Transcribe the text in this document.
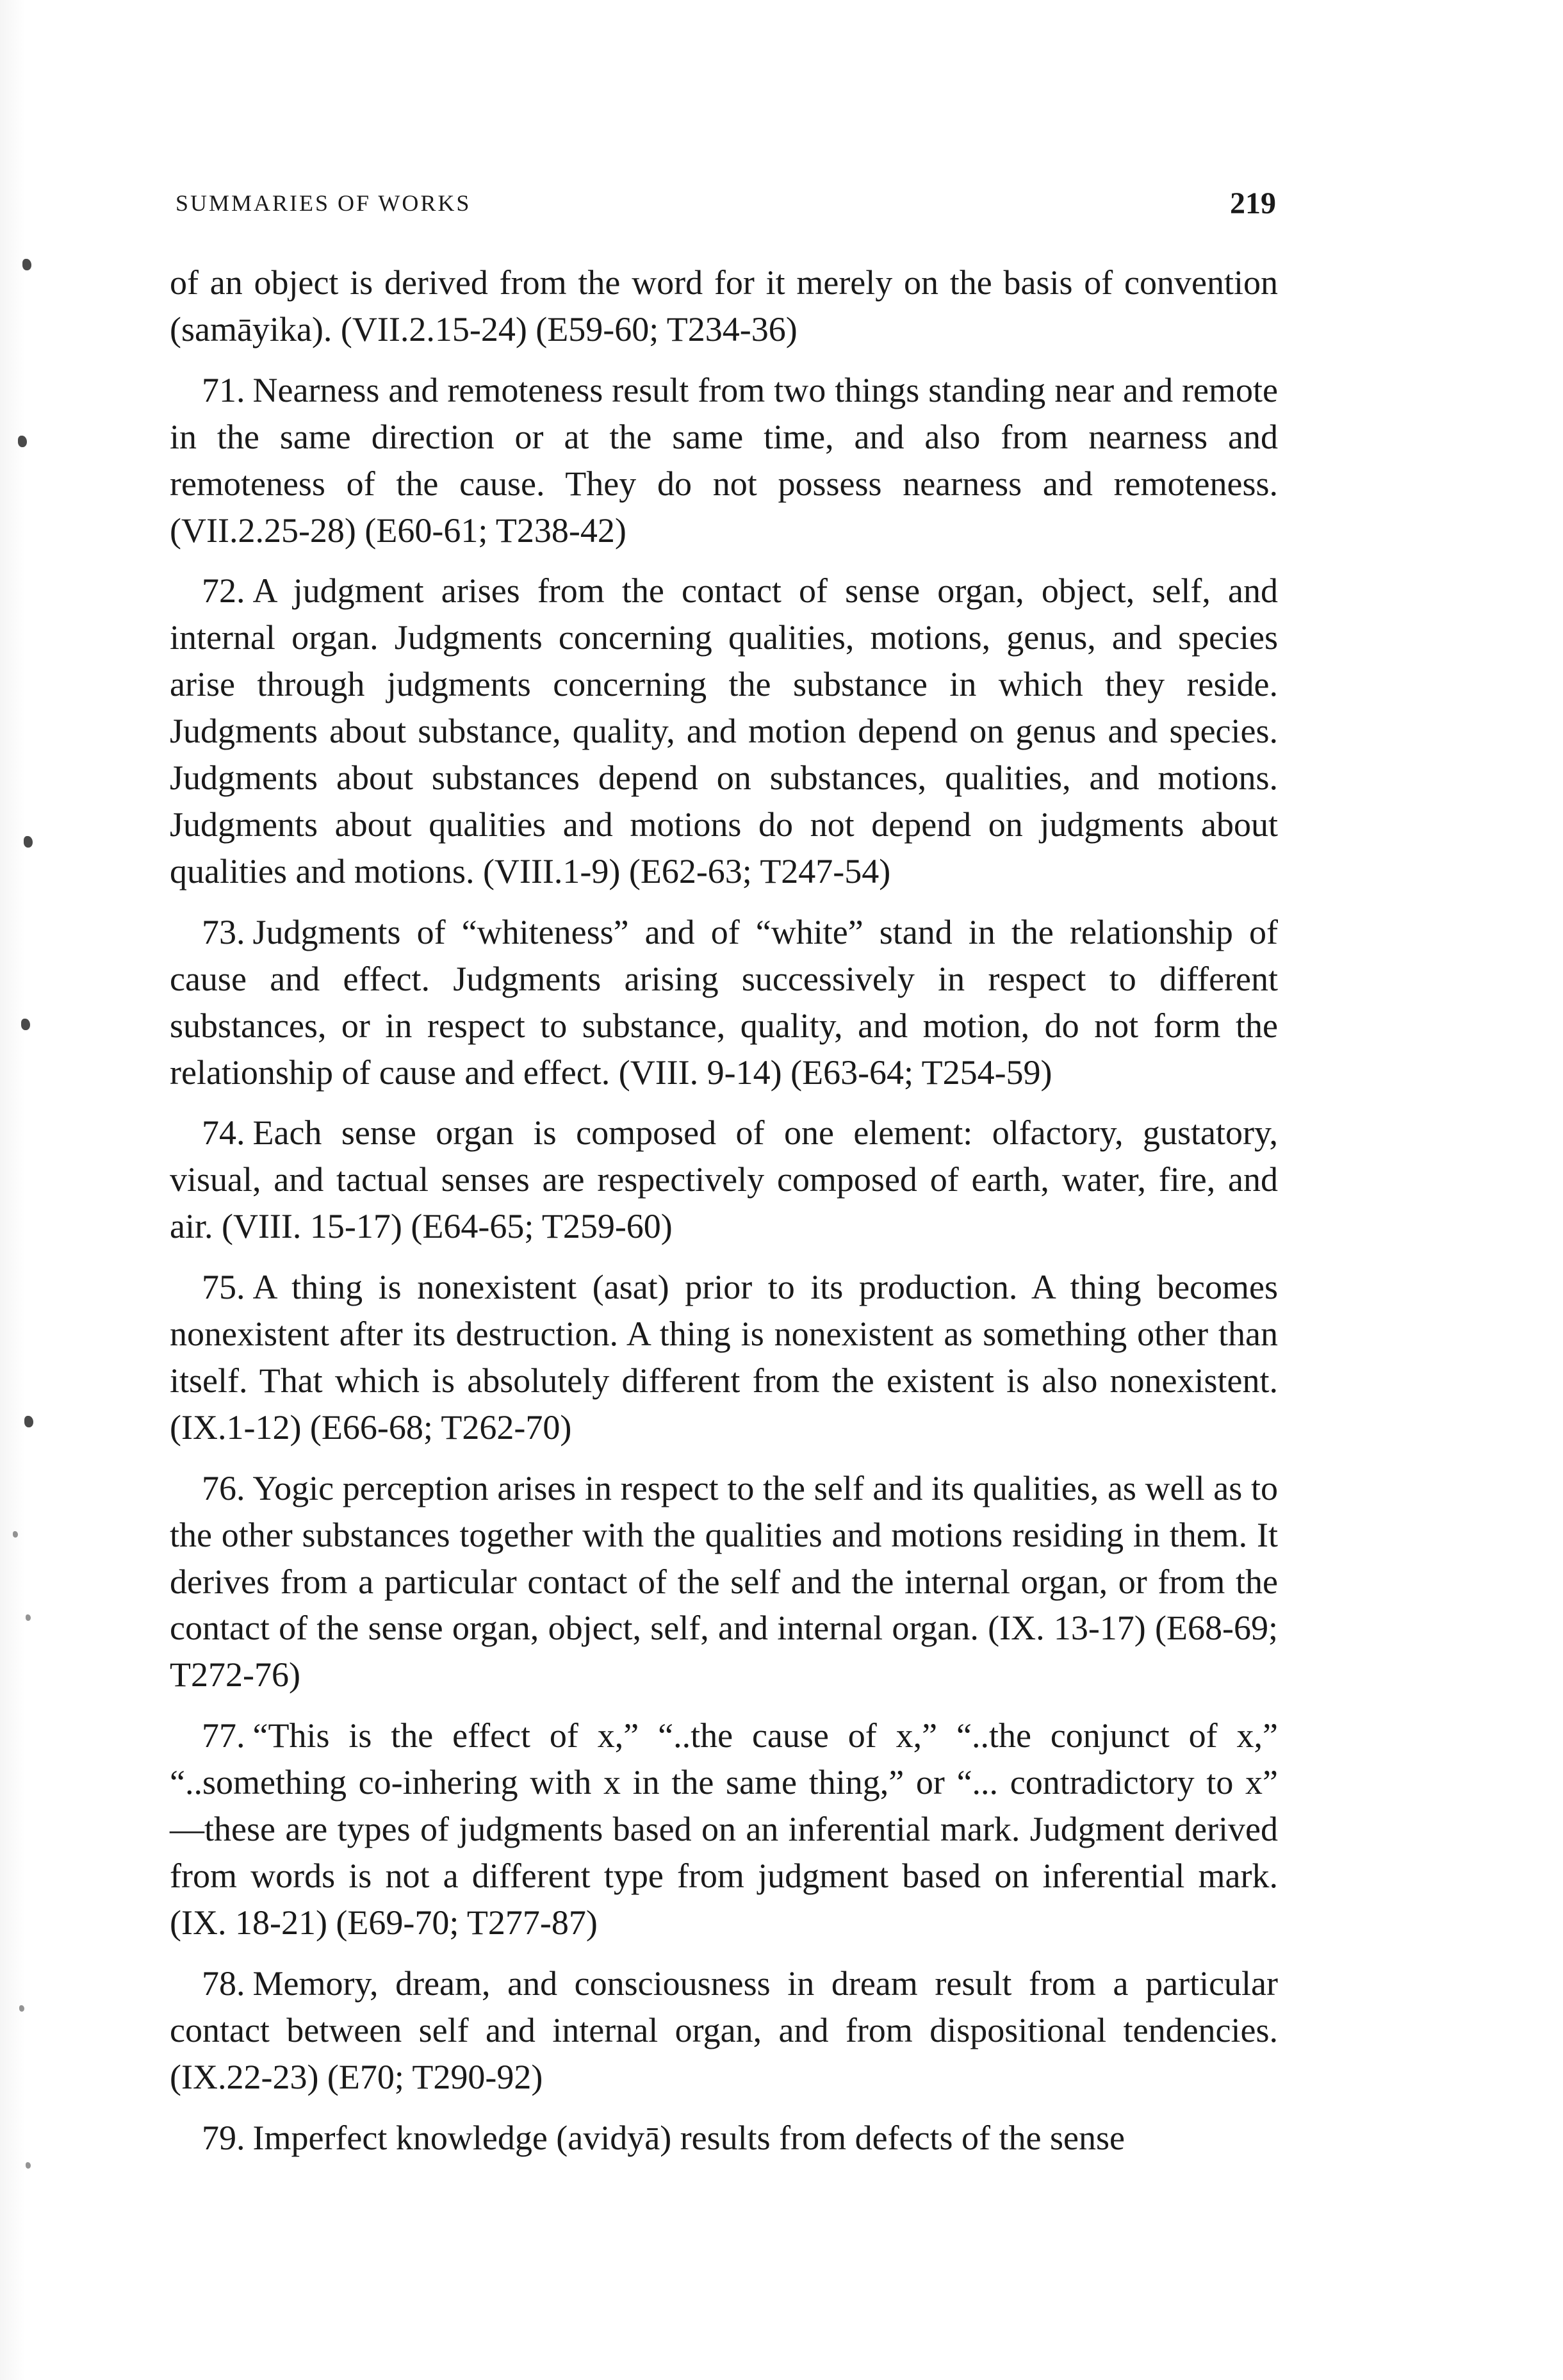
SUMMARIES OF WORKS	219

of an object is derived from the word for it merely on the basis of convention (samāyika). (VII.2.15-24) (E59-60; T234-36)

71. Nearness and remoteness result from two things standing near and remote in the same direction or at the same time, and also from nearness and remoteness of the cause. They do not possess nearness and remoteness. (VII.2.25-28) (E60-61; T238-42)

72. A judgment arises from the contact of sense organ, object, self, and internal organ. Judgments concerning qualities, motions, genus, and species arise through judgments concerning the substance in which they reside. Judgments about substance, quality, and motion depend on genus and species. Judgments about substances depend on substances, qualities, and motions. Judgments about qualities and motions do not depend on judgments about qualities and motions. (VIII.1-9) (E62-63; T247-54)

73. Judgments of “whiteness” and of “white” stand in the relationship of cause and effect. Judgments arising successively in respect to different substances, or in respect to substance, quality, and motion, do not form the relationship of cause and effect. (VIII. 9-14) (E63-64; T254-59)

74. Each sense organ is composed of one element: olfactory, gustatory, visual, and tactual senses are respectively composed of earth, water, fire, and air. (VIII. 15-17) (E64-65; T259-60)

75. A thing is nonexistent (asat) prior to its production. A thing becomes nonexistent after its destruction. A thing is nonexistent as something other than itself. That which is absolutely different from the existent is also nonexistent. (IX.1-12) (E66-68; T262-70)

76. Yogic perception arises in respect to the self and its qualities, as well as to the other substances together with the qualities and motions residing in them. It derives from a particular contact of the self and the internal organ, or from the contact of the sense organ, object, self, and internal organ. (IX. 13-17) (E68-69; T272-76)

77. “This is the effect of x,” “..the cause of x,” “..the conjunct of x,” “..something co-inhering with x in the same thing,” or “... contradictory to x” —these are types of judgments based on an inferential mark. Judgment derived from words is not a different type from judgment based on inferential mark. (IX. 18-21) (E69-70; T277-87)

78. Memory, dream, and consciousness in dream result from a particular contact between self and internal organ, and from dispositional tendencies. (IX.22-23) (E70; T290-92)

79. Imperfect knowledge (avidyā) results from defects of the sense
